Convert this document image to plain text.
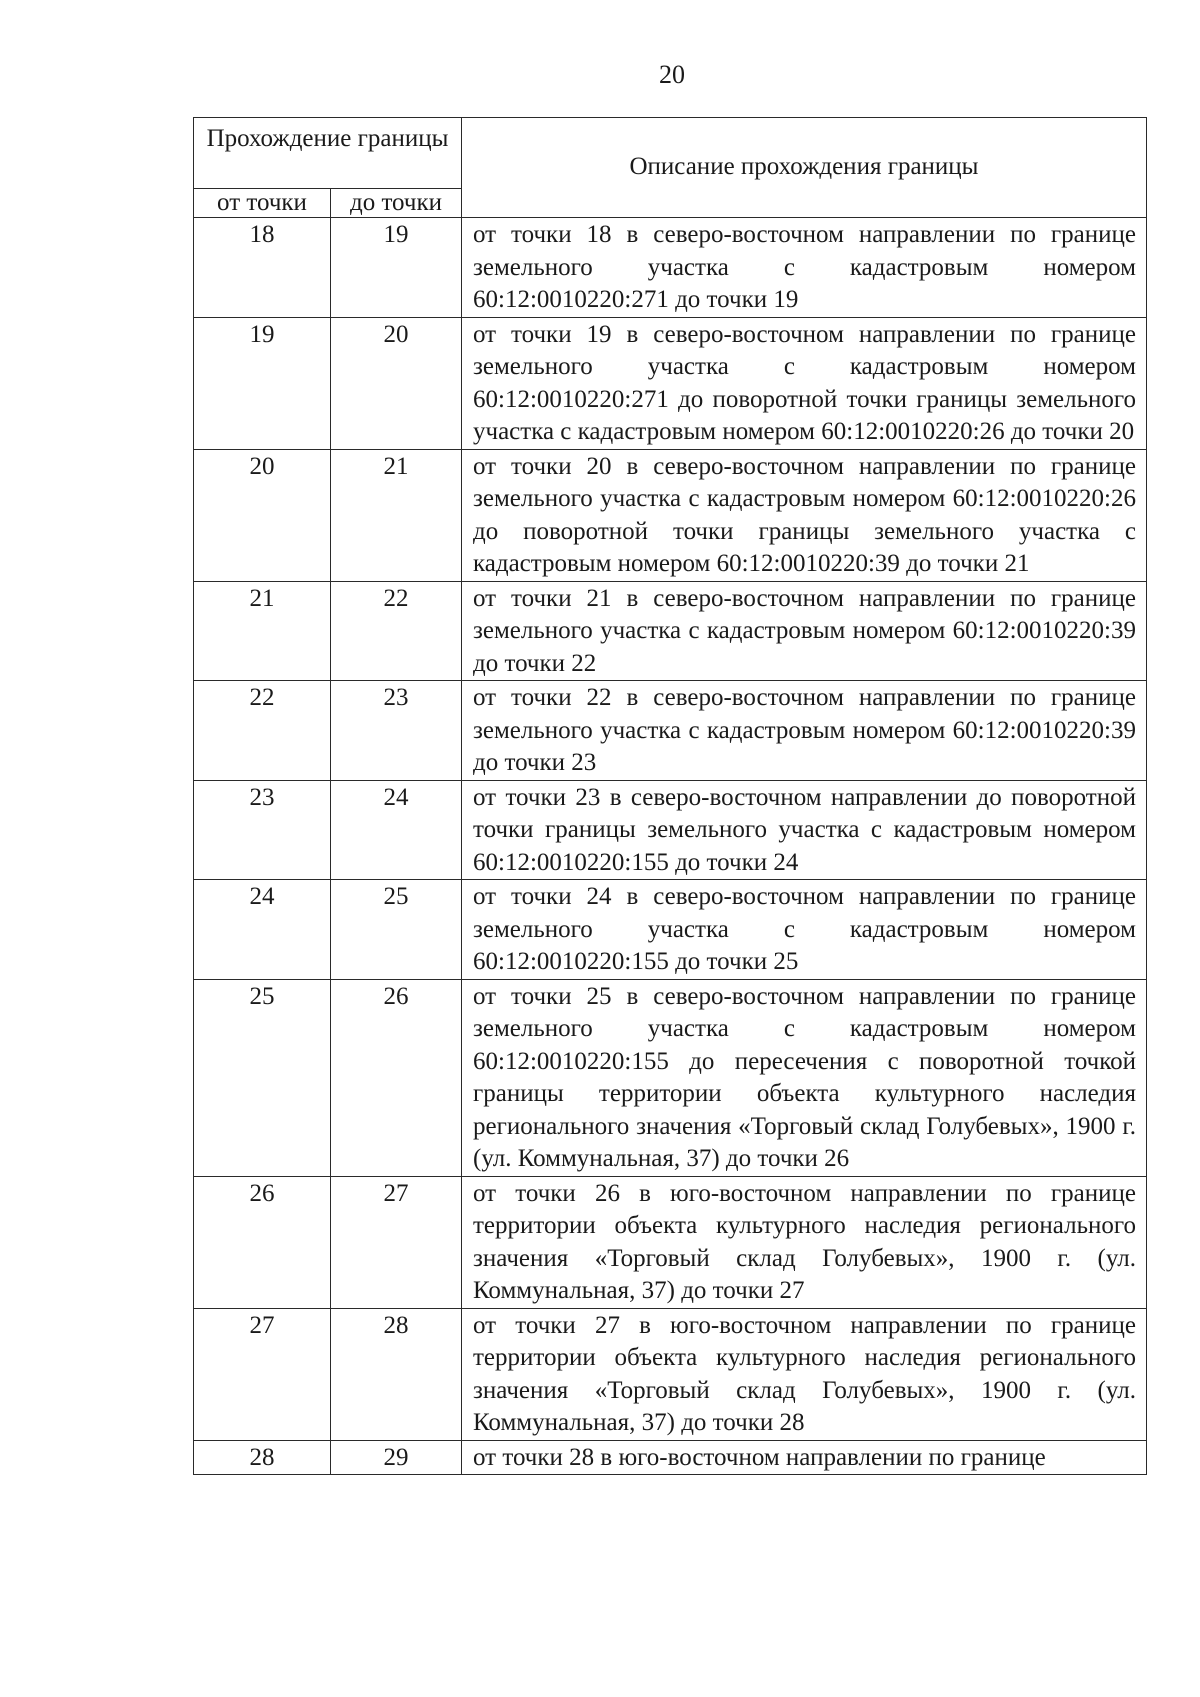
20
Прохождение границы		Описание прохождения границы
от точки	до точки	
18	19	от точки 18 в северо-восточном направлении по границе земельного участка с кадастровым номером 60:12:0010220:271 до точки 19
19	20	от точки 19 в северо-восточном направлении по границе земельного участка с кадастровым номером 60:12:0010220:271 до поворотной точки границы земельного участка с кадастровым номером 60:12:0010220:26 до точки 20
20	21	от точки 20 в северо-восточном направлении по границе земельного участка с кадастровым номером 60:12:0010220:26 до поворотной точки границы земельного участка с кадастровым номером 60:12:0010220:39 до точки 21
21	22	от точки 21 в северо-восточном направлении по границе земельного участка с кадастровым номером 60:12:0010220:39 до точки 22
22	23	от точки 22 в северо-восточном направлении по границе земельного участка с кадастровым номером 60:12:0010220:39 до точки 23
23	24	от точки 23 в северо-восточном направлении до поворотной точки границы земельного участка с кадастровым номером 60:12:0010220:155 до точки 24
24	25	от точки 24 в северо-восточном направлении по границе земельного участка с кадастровым номером 60:12:0010220:155 до точки 25
25	26	от точки 25 в северо-восточном направлении по границе земельного участка с кадастровым номером 60:12:0010220:155 до пересечения с поворотной точкой границы территории объекта культурного наследия регионального значения «Торговый склад Голубевых», 1900 г. (ул. Коммунальная, 37) до точки 26
26	27	от точки 26 в юго-восточном направлении по границе территории объекта культурного наследия регионального значения «Торговый склад Голубевых», 1900 г. (ул. Коммунальная, 37) до точки 27
27	28	от точки 27 в юго-восточном направлении по границе территории объекта культурного наследия регионального значения «Торговый склад Голубевых», 1900 г. (ул. Коммунальная, 37) до точки 28
28	29	от точки 28 в юго-восточном направлении по границе
